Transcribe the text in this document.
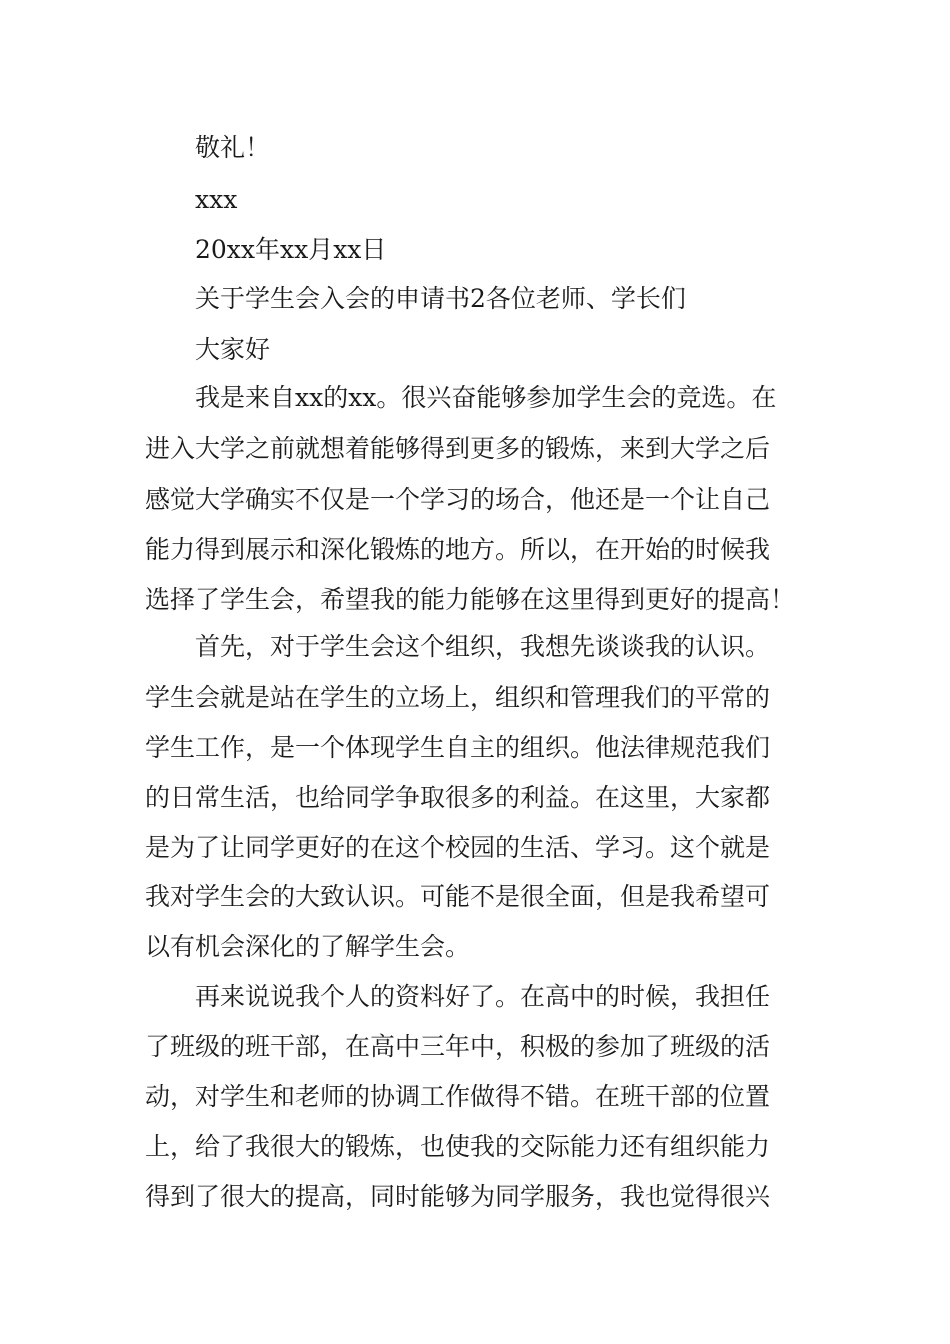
敬礼！
xxx
20xx年xx月xx日
关于学生会入会的申请书2各位老师、学长们
大家好
我是来自xx的xx。很兴奋能够参加学生会的竞选。在
进入大学之前就想着能够得到更多的锻炼，来到大学之后
感觉大学确实不仅是一个学习的场合，他还是一个让自己
能力得到展示和深化锻炼的地方。所以，在开始的时候我
选择了学生会，希望我的能力能够在这里得到更好的提高！
首先，对于学生会这个组织，我想先谈谈我的认识。
学生会就是站在学生的立场上，组织和管理我们的平常的
学生工作，是一个体现学生自主的组织。他法律规范我们
的日常生活，也给同学争取很多的利益。在这里，大家都
是为了让同学更好的在这个校园的生活、学习。这个就是
我对学生会的大致认识。可能不是很全面，但是我希望可
以有机会深化的了解学生会。
再来说说我个人的资料好了。在高中的时候，我担任
了班级的班干部，在高中三年中，积极的参加了班级的活
动，对学生和老师的协调工作做得不错。在班干部的位置
上，给了我很大的锻炼，也使我的交际能力还有组织能力
得到了很大的提高，同时能够为同学服务，我也觉得很兴
